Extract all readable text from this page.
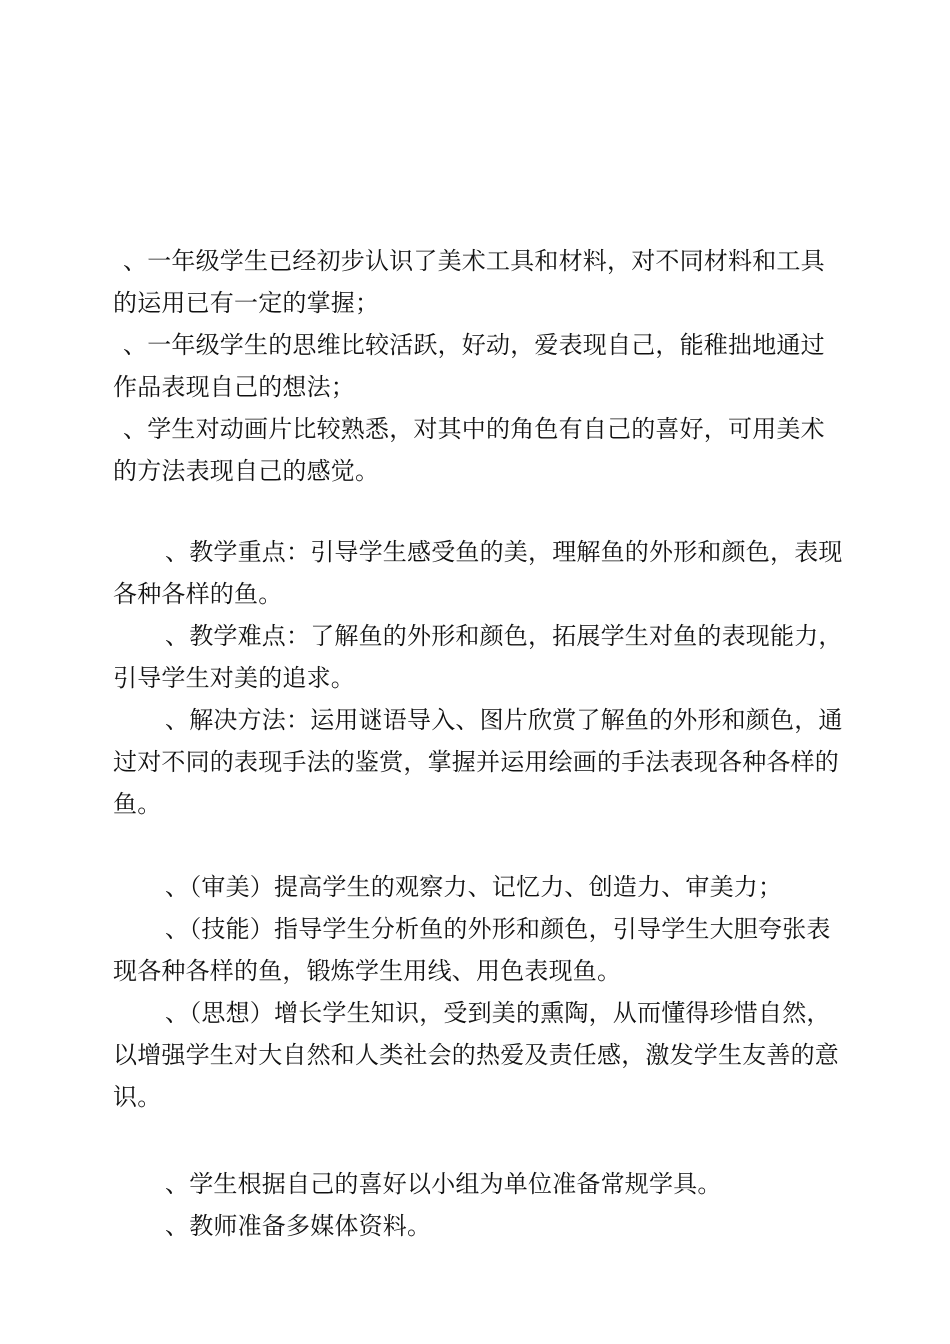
、一年级学生已经初步认识了美术工具和材料，对不同材料和工具的运用已有一定的掌握；

、一年级学生的思维比较活跃，好动，爱表现自己，能稚拙地通过作品表现自己的想法；

、学生对动画片比较熟悉，对其中的角色有自己的喜好，可用美术的方法表现自己的感觉。

、教学重点：引导学生感受鱼的美，理解鱼的外形和颜色，表现各种各样的鱼。

、教学难点：了解鱼的外形和颜色，拓展学生对鱼的表现能力，引导学生对美的追求。

、解决方法：运用谜语导入、图片欣赏了解鱼的外形和颜色，通过对不同的表现手法的鉴赏，掌握并运用绘画的手法表现各种各样的鱼。

、（审美）提高学生的观察力、记忆力、创造力、审美力；

、（技能）指导学生分析鱼的外形和颜色，引导学生大胆夸张表现各种各样的鱼，锻炼学生用线、用色表现鱼。

、（思想）增长学生知识，受到美的熏陶，从而懂得珍惜自然，以增强学生对大自然和人类社会的热爱及责任感，激发学生友善的意识。

、学生根据自己的喜好以小组为单位准备常规学具。

、教师准备多媒体资料。
